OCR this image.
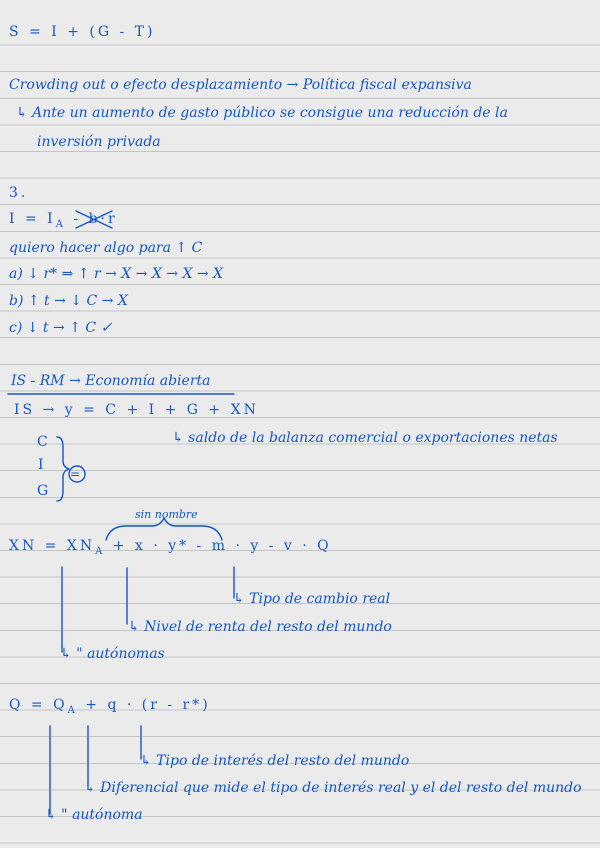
S = I + (G - T)

Crowding out o efecto desplazamiento → Política fiscal expansiva

↳ Ante un aumento de gasto público se consigue una reducción de la

inversión privada

3.

$I = I_A - b\cdot r$

quiero hacer algo para ↑ C

a) ↓ r* ⇒ ↑ r → X → X → X → X

b) ↑ t → ↓ C → X

c) ↓ t → ↑ C ✓

IS - RM → Economía abierta

IS → y = C + I + G + XN

↳ saldo de la balanza comercial o exportaciones netas

C

I

G

=

sin nombre

XN = $XN_A + x \cdot y* - m \cdot y - v \cdot Q$

↳ Tipo de cambio real

↳ Nivel de renta del resto del mundo

↳ " autónomas

$Q = Q_A + q \cdot (r - r*)$

↳ Tipo de interés del resto del mundo

↳ Diferencial que mide el tipo de interés real y el del resto del mundo

↳ " autónoma
